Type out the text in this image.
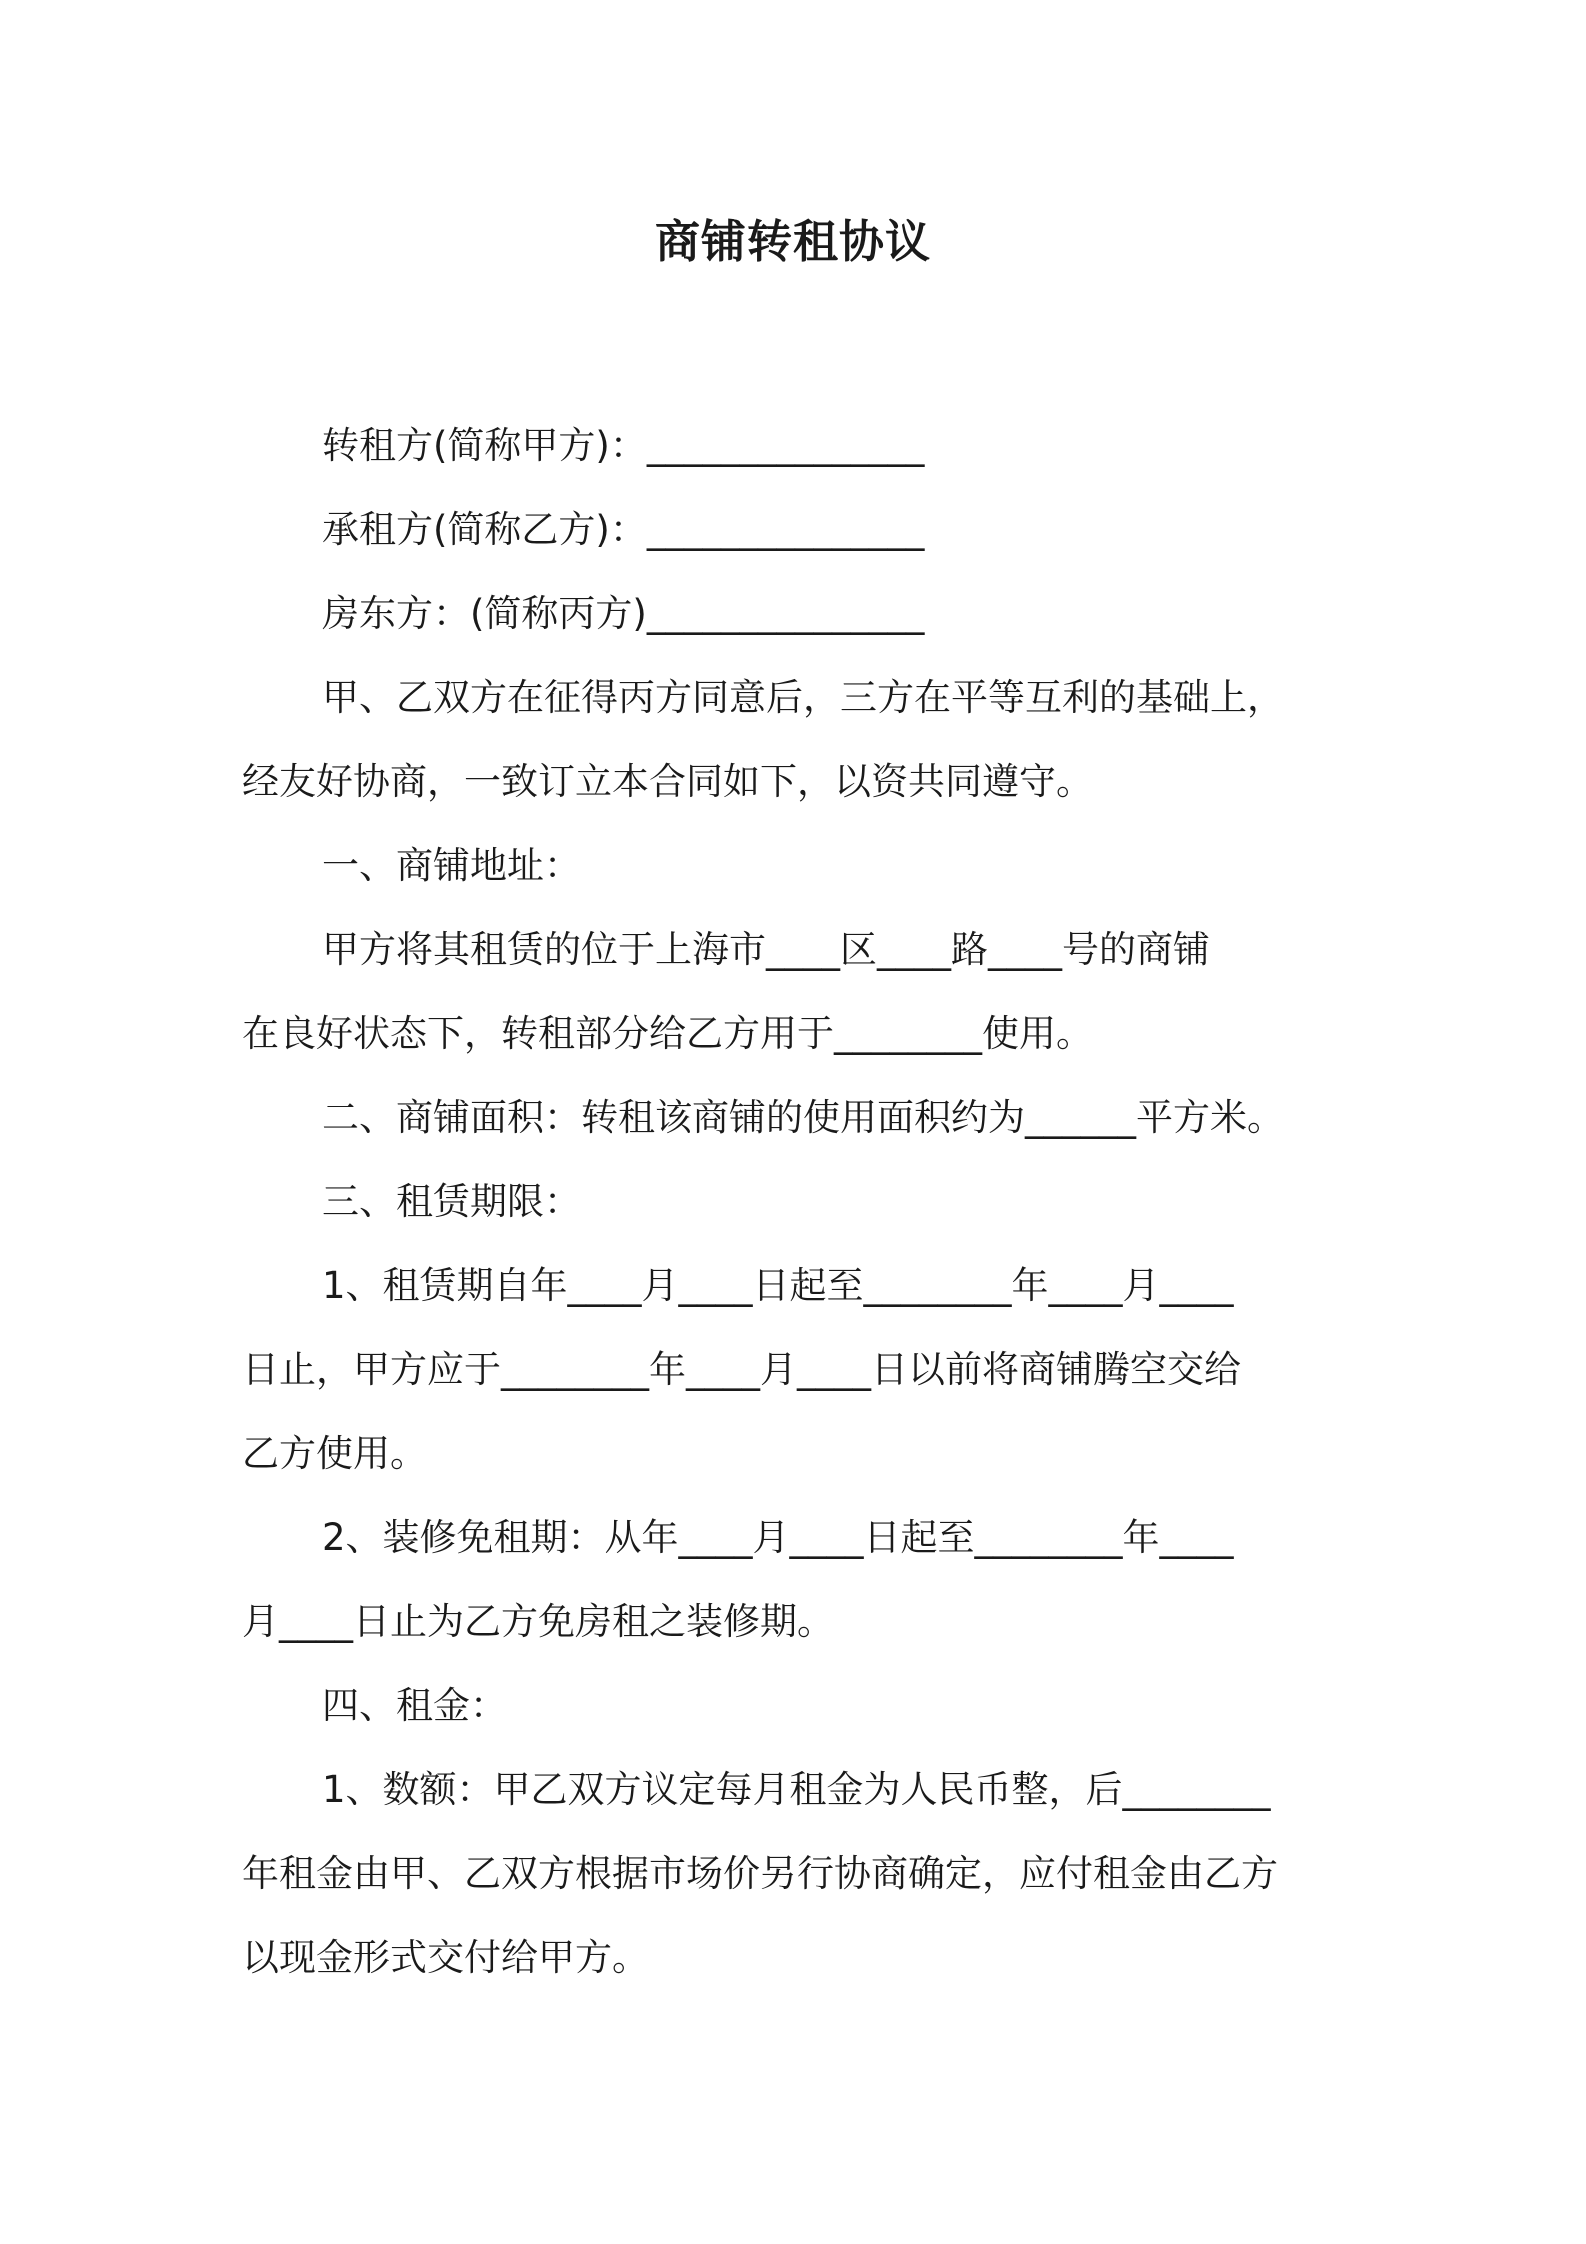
商铺转租协议
转租方(简称甲方)：_______________
承租方(简称乙方)：_______________
房东方：(简称丙方)_______________
甲、乙双方在征得丙方同意后，三方在平等互利的基础上，
经友好协商，一致订立本合同如下，以资共同遵守。
一、商铺地址：
甲方将其租赁的位于上海市____区____路____号的商铺
在良好状态下，转租部分给乙方用于________使用。
二、商铺面积：转租该商铺的使用面积约为______平方米。
三、租赁期限：
1、租赁期自年____月____日起至________年____月____
日止，甲方应于________年____月____日以前将商铺腾空交给
乙方使用。
2、装修免租期：从年____月____日起至________年____
月____日止为乙方免房租之装修期。
四、租金：
1、数额：甲乙双方议定每月租金为人民币整，后________
年租金由甲、乙双方根据市场价另行协商确定，应付租金由乙方
以现金形式交付给甲方。
